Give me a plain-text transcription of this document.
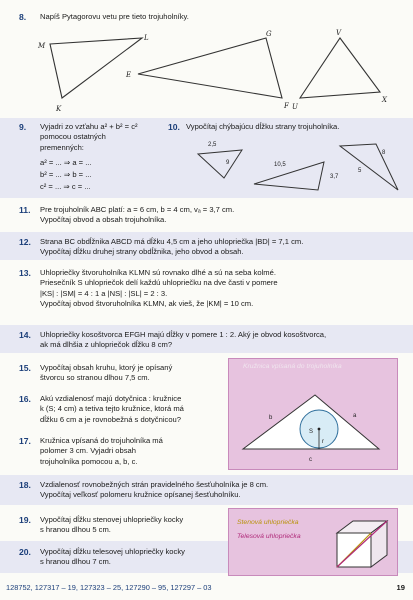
8. Napíš Pytagorovu vetu pre tieto trojuholníky.
M
L
K
G
E
F
V
U
X
9. Vyjadri zo vzťahu a² + b² = c²
pomocou ostatných
premenných:
a² = ... ⇒ a = ...
b² = ... ⇒ b = ...
c² = ... ⇒ c = ...
10. Vypočítaj chýbajúcu dĺžku strany trojuholníka.
2,5
9	10,5
3,7
8
5
11. Pre trojuholník ABC platí: a = 6 cm, b = 4 cm, vₐ = 3,7 cm.
Vypočítaj obvod a obsah trojuholníka.
12. Strana BC obdĺžnika ABCD má dĺžku 4,5 cm a jeho uhlopriečka |BD| = 7,1 cm.
Vypočítaj dĺžku druhej strany obdĺžnika, jeho obvod a obsah.
13. Uhlopriečky štvoruholníka KLMN sú rovnako dlhé a sú na seba kolmé.
Priesečník S uhlopriečok delí každú uhlopriečku na dve časti v pomere
|KS| : |SM| = 4 : 1 a |NS| : |SL| = 2 : 3.
Vypočítaj obvod štvoruholníka KLMN, ak vieš, že |KM| = 10 cm.
14. Uhlopriečky kosoštvorca EFGH majú dĺžky v pomere 1 : 2. Aký je obvod kosoštvorca,
ak má dlhšia z uhlopriečok dĺžku 8 cm?
15. Vypočítaj obsah kruhu, ktorý je opísaný
štvorcu so stranou dlhou 7,5 cm.
16. Akú vzdialenosť majú dotyčnica : kružnice
k (S; 4 cm) a tetiva tejto kružnice, ktorá má
dĺžku 6 cm a je rovnobežná s dotyčnicou?
17. Kružnica vpísaná do trojuholníka má
polomer 3 cm. Vyjadri obsah
trojuholníka pomocou a, b, c.
Kružnica vpísaná do trojuholníka
S
r
a
b
c
18. Vzdialenosť rovnobežných strán pravidelného šesťuholníka je 8 cm.
Vypočítaj veľkosť polomeru kružnice opísanej šesťuholníku.
19. Vypočítaj dĺžku stenovej uhlopriečky kocky
s hranou dlhou 5 cm.
20. Vypočítaj dĺžku telesovej uhlopriečky kocky
s hranou dlhou 7 cm.
Stenová uhlopriečka
Telesová uhlopriečka
128752, 127317 – 19, 127323 – 25, 127290 – 95, 127297 – 03	19
